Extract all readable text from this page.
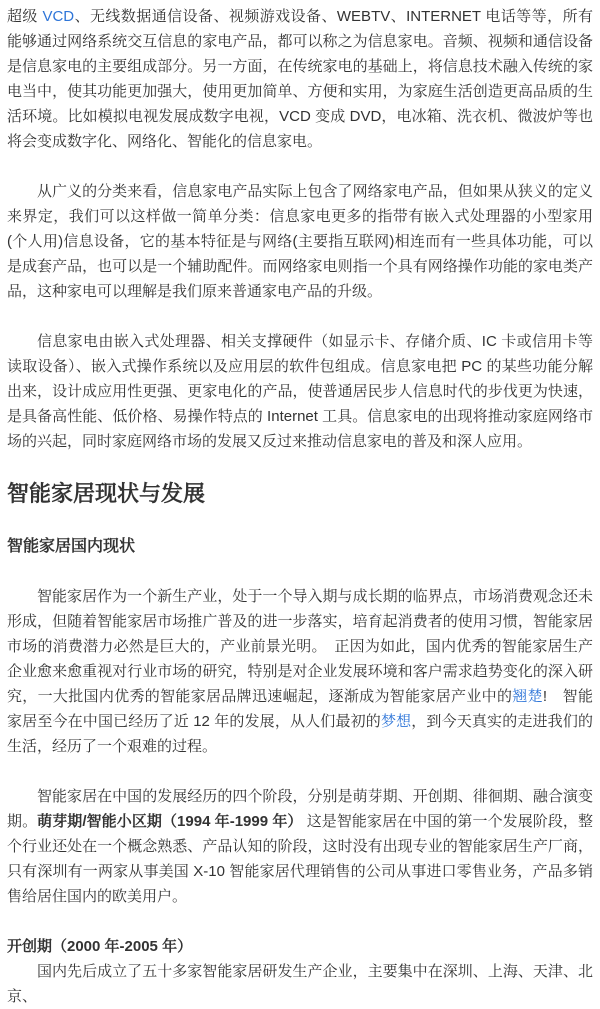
超级 VCD、无线数据通信设备、视频游戏设备、WEBTV、INTERNET 电话等等，所有能够通过网络系统交互信息的家电产品，都可以称之为信息家电。音频、视频和通信设备是信息家电的主要组成部分。另一方面，在传统家电的基础上，将信息技术融入传统的家电当中，使其功能更加强大，使用更加简单、方便和实用，为家庭生活创造更高品质的生活环境。比如模拟电视发展成数字电视，VCD 变成 DVD，电冰箱、洗衣机、微波炉等也将会变成数字化、网络化、智能化的信息家电。

从广义的分类来看，信息家电产品实际上包含了网络家电产品，但如果从狭义的定义来界定，我们可以这样做一简单分类：信息家电更多的指带有嵌入式处理器的小型家用(个人用)信息设备，它的基本特征是与网络(主要指互联网)相连而有一些具体功能，可以是成套产品，也可以是一个辅助配件。而网络家电则指一个具有网络操作功能的家电类产品，这种家电可以理解是我们原来普通家电产品的升级。

信息家电由嵌入式处理器、相关支撑硬件（如显示卡、存储介质、IC 卡或信用卡等读取设备）、嵌入式操作系统以及应用层的软件包组成。信息家电把 PC 的某些功能分解出来，设计成应用性更强、更家电化的产品，使普通居民步人信息时代的步伐更为快速，是具备高性能、低价格、易操作特点的 Internet 工具。信息家电的出现将推动家庭网络市场的兴起，同时家庭网络市场的发展又反过来推动信息家电的普及和深人应用。

智能家居现状与发展
智能家居国内现状

智能家居作为一个新生产业，处于一个导入期与成长期的临界点，市场消费观念还未形成，但随着智能家居市场推广普及的进一步落实，培育起消费者的使用习惯，智能家居市场的消费潜力必然是巨大的，产业前景光明。　正因为如此，国内优秀的智能家居生产企业愈来愈重视对行业市场的研究，特别是对企业发展环境和客户需求趋势变化的深入研究，一大批国内优秀的智能家居品牌迅速崛起，逐渐成为智能家居产业中的翘楚!　智能家居至今在中国已经历了近 12 年的发展，从人们最初的梦想，到今天真实的走进我们的生活，经历了一个艰难的过程。

智能家居在中国的发展经历的四个阶段，分别是萌芽期、开创期、徘徊期、融合演变期。萌芽期/智能小区期（1994 年-1999 年） 这是智能家居在中国的第一个发展阶段，整个行业还处在一个概念熟悉、产品认知的阶段，这时没有出现专业的智能家居生产厂商，只有深圳有一两家从事美国 X-10 智能家居代理销售的公司从事进口零售业务，产品多销售给居住国内的欧美用户。

开创期（2000 年-2005 年）

国内先后成立了五十多家智能家居研发生产企业，主要集中在深圳、上海、天津、北京、
